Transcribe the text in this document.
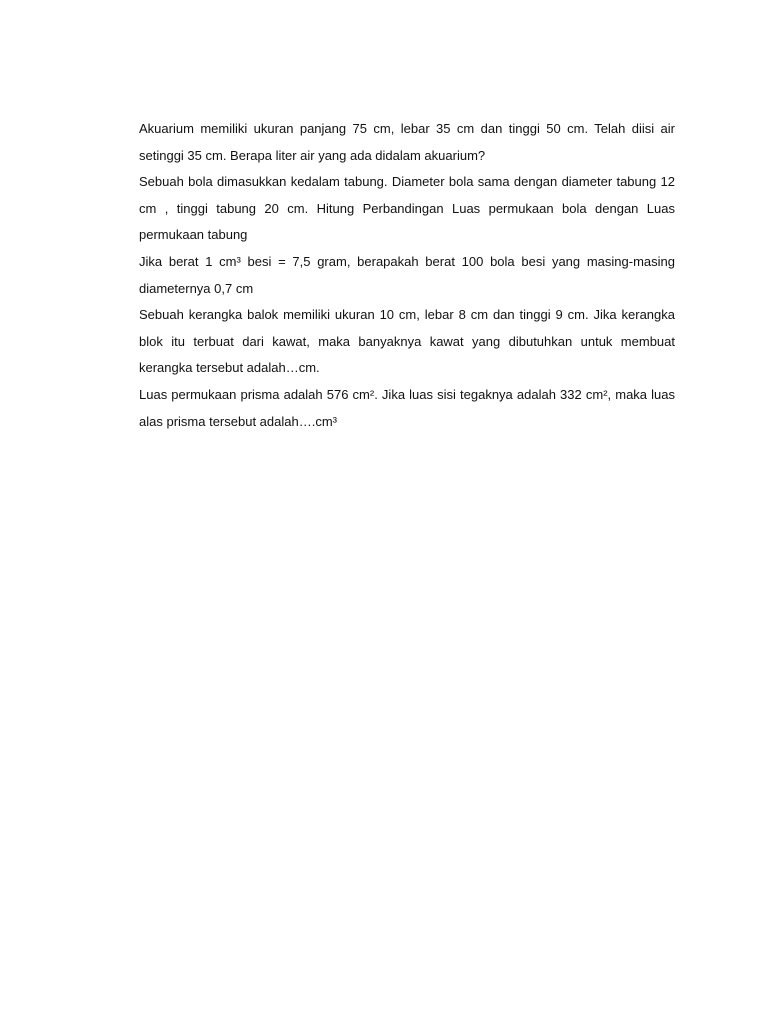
Akuarium memiliki ukuran panjang 75 cm, lebar 35 cm dan tinggi 50 cm. Telah diisi air setinggi 35 cm. Berapa liter air yang ada didalam akuarium?

Sebuah bola dimasukkan kedalam tabung. Diameter bola sama dengan diameter tabung 12 cm , tinggi tabung 20 cm. Hitung Perbandingan Luas permukaan bola dengan Luas permukaan tabung

Jika berat 1 cm³ besi = 7,5 gram, berapakah berat 100 bola besi yang masing-masing diameternya 0,7 cm

Sebuah kerangka balok memiliki ukuran 10 cm, lebar 8 cm dan tinggi 9 cm. Jika kerangka blok itu terbuat dari kawat, maka banyaknya kawat yang dibutuhkan untuk membuat kerangka tersebut adalah…cm.

Luas permukaan prisma adalah 576 cm². Jika luas sisi tegaknya adalah 332 cm², maka luas alas prisma tersebut adalah….cm³
